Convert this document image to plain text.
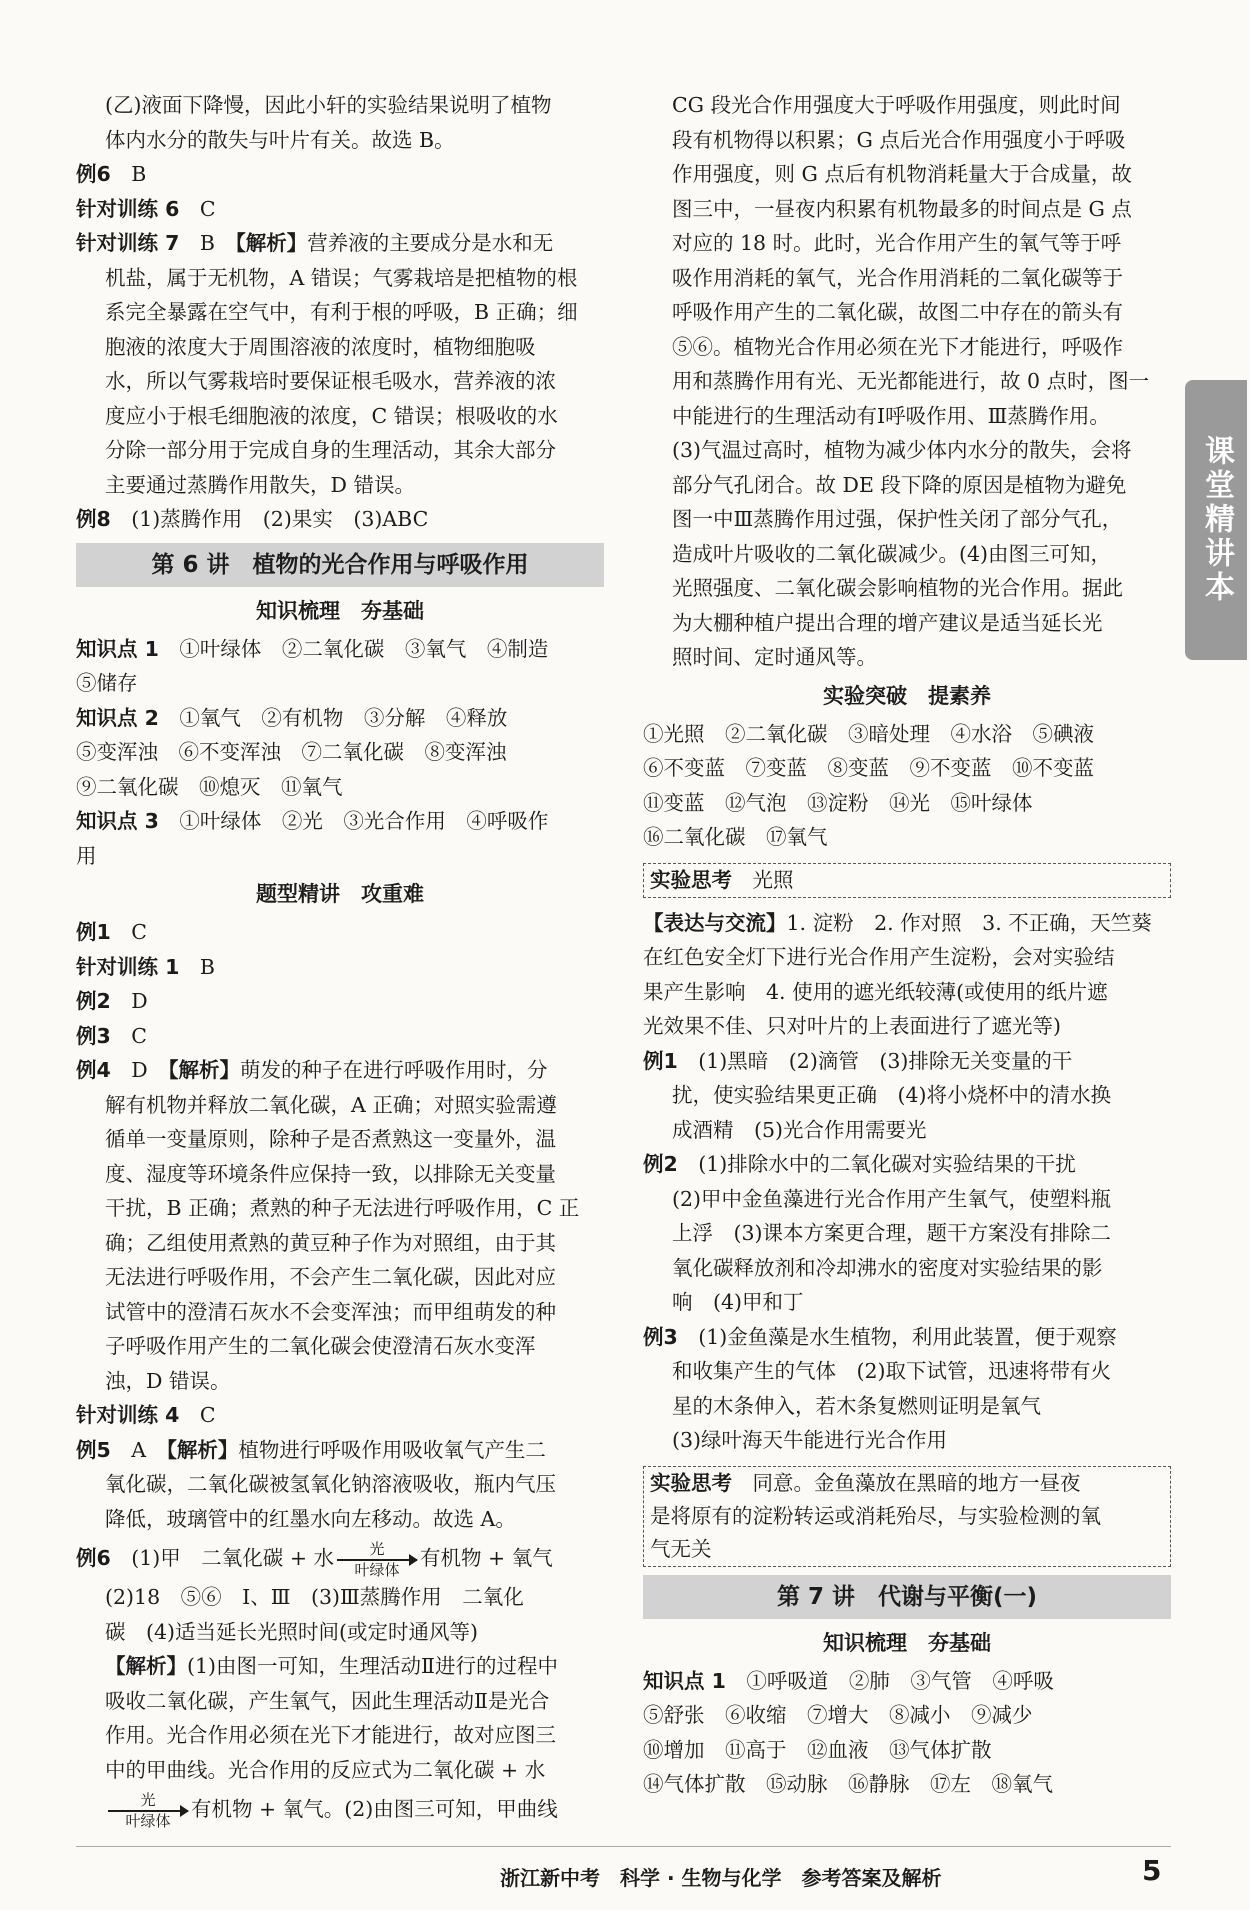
(乙)液面下降慢，因此小轩的实验结果说明了植物

体内水分的散失与叶片有关。故选 B。

例6　 B

针对训练 6　 C

针对训练 7　 B　 【解析】营养液的主要成分是水和无

机盐，属于无机物，A 错误；气雾栽培是把植物的根

系完全暴露在空气中，有利于根的呼吸，B 正确；细

胞液的浓度大于周围溶液的浓度时，植物细胞吸

水，所以气雾栽培时要保证根毛吸水，营养液的浓

度应小于根毛细胞液的浓度，C 错误；根吸收的水

分除一部分用于完成自身的生理活动，其余大部分

主要通过蒸腾作用散失，D 错误。

例8　 (1)蒸腾作用　(2)果实　(3)ABC

第 6 讲　植物的光合作用与呼吸作用
知识梳理　夯基础

知识点 1　 ①叶绿体　②二氧化碳　③氧气　④制造

⑤储存

知识点 2　 ①氧气　②有机物　③分解　④释放

⑤变浑浊　⑥不变浑浊　⑦二氧化碳　⑧变浑浊

⑨二氧化碳　⑩熄灭　⑪氧气

知识点 3　 ①叶绿体　②光　③光合作用　④呼吸作

用

题型精讲　攻重难

例1　 C

针对训练 1　 B

例2　 D

例3　 C

例4　 D　 【解析】萌发的种子在进行呼吸作用时，分

解有机物并释放二氧化碳，A 正确；对照实验需遵

循单一变量原则，除种子是否煮熟这一变量外，温

度、湿度等环境条件应保持一致，以排除无关变量

干扰，B 正确；煮熟的种子无法进行呼吸作用，C 正

确；乙组使用煮熟的黄豆种子作为对照组，由于其

无法进行呼吸作用，不会产生二氧化碳，因此对应

试管中的澄清石灰水不会变浑浊；而甲组萌发的种

子呼吸作用产生的二氧化碳会使澄清石灰水变浑

浊，D 错误。

针对训练 4　 C

例5　 A　 【解析】植物进行呼吸作用吸收氧气产生二

氧化碳，二氧化碳被氢氧化钠溶液吸收，瓶内气压

降低，玻璃管中的红墨水向左移动。故选 A。

例6　 (1)甲　二氧化碳 + 水 光
叶绿体 有机物 + 氧气

(2)18　⑤⑥　Ⅰ、Ⅲ　(3)Ⅲ蒸腾作用　二氧化

碳　(4)适当延长光照时间(或定时通风等)

【解析】(1)由图一可知，生理活动Ⅱ进行的过程中

吸收二氧化碳，产生氧气，因此生理活动Ⅱ是光合

作用。光合作用必须在光下才能进行，故对应图三

中的甲曲线。光合作用的反应式为二氧化碳 + 水

光
叶绿体 有机物 + 氧气。(2)由图三可知，甲曲线

CG 段光合作用强度大于呼吸作用强度，则此时间

段有机物得以积累；G 点后光合作用强度小于呼吸

作用强度，则 G 点后有机物消耗量大于合成量，故

图三中，一昼夜内积累有机物最多的时间点是 G 点

对应的 18 时。此时，光合作用产生的氧气等于呼

吸作用消耗的氧气，光合作用消耗的二氧化碳等于

呼吸作用产生的二氧化碳，故图二中存在的箭头有

⑤⑥。植物光合作用必须在光下才能进行，呼吸作

用和蒸腾作用有光、无光都能进行，故 0 点时，图一

中能进行的生理活动有Ⅰ呼吸作用、Ⅲ蒸腾作用。

(3)气温过高时，植物为减少体内水分的散失，会将

部分气孔闭合。故 DE 段下降的原因是植物为避免

图一中Ⅲ蒸腾作用过强，保护性关闭了部分气孔，

造成叶片吸收的二氧化碳减少。(4)由图三可知，

光照强度、二氧化碳会影响植物的光合作用。据此

为大棚种植户提出合理的增产建议是适当延长光

照时间、定时通风等。

实验突破　提素养

①光照　②二氧化碳　③暗处理　④水浴　⑤碘液

⑥不变蓝　⑦变蓝　⑧变蓝　⑨不变蓝　⑩不变蓝

⑪变蓝　⑫气泡　⑬淀粉　⑭光　⑮叶绿体

⑯二氧化碳　⑰氧气

实验思考　 光照

【表达与交流】1. 淀粉　2. 作对照　3. 不正确，天竺葵

在红色安全灯下进行光合作用产生淀粉，会对实验结

果产生影响　4. 使用的遮光纸较薄(或使用的纸片遮

光效果不佳、只对叶片的上表面进行了遮光等)

例1　 (1)黑暗　(2)滴管　(3)排除无关变量的干

扰，使实验结果更正确　(4)将小烧杯中的清水换

成酒精　(5)光合作用需要光

例2　 (1)排除水中的二氧化碳对实验结果的干扰

(2)甲中金鱼藻进行光合作用产生氧气，使塑料瓶

上浮　(3)课本方案更合理，题干方案没有排除二

氧化碳释放剂和冷却沸水的密度对实验结果的影

响　(4)甲和丁

例3　 (1)金鱼藻是水生植物，利用此装置，便于观察

和收集产生的气体　(2)取下试管，迅速将带有火

星的木条伸入，若木条复燃则证明是氧气

(3)绿叶海天牛能进行光合作用

实验思考　 同意。金鱼藻放在黑暗的地方一昼夜
是将原有的淀粉转运或消耗殆尽，与实验检测的氧
气无关
第 7 讲　代谢与平衡(一)
知识梳理　夯基础

知识点 1　 ①呼吸道　②肺　③气管　④呼吸

⑤舒张　⑥收缩　⑦增大　⑧减小　⑨减少

⑩增加　⑪高于　⑫血液　⑬气体扩散

⑭气体扩散　⑮动脉　⑯静脉　⑰左　⑱氧气

课堂精讲本
浙江新中考　科学 · 生物与化学　参考答案及解析	5
